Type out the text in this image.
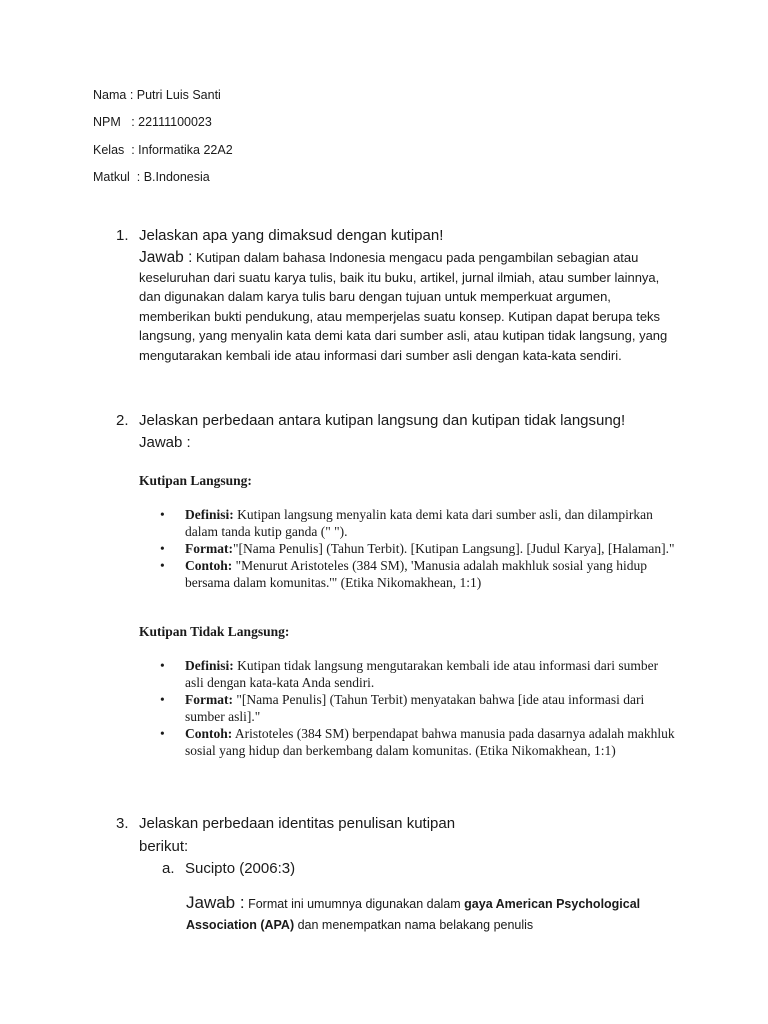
Nama : Putri Luis Santi
NPM   : 22111100023
Kelas  : Informatika 22A2
Matkul  : B.Indonesia
1. Jelaskan apa yang dimaksud dengan kutipan!
Jawab : Kutipan dalam bahasa Indonesia mengacu pada pengambilan sebagian atau keseluruhan dari suatu karya tulis, baik itu buku, artikel, jurnal ilmiah, atau sumber lainnya, dan digunakan dalam karya tulis baru dengan tujuan untuk memperkuat argumen, memberikan bukti pendukung, atau memperjelas suatu konsep. Kutipan dapat berupa teks langsung, yang menyalin kata demi kata dari sumber asli, atau kutipan tidak langsung, yang mengutarakan kembali ide atau informasi dari sumber asli dengan kata-kata sendiri.
2. Jelaskan perbedaan antara kutipan langsung dan kutipan tidak langsung!
Jawab :
Kutipan Langsung:
• Definisi: Kutipan langsung menyalin kata demi kata dari sumber asli, dan dilampirkan dalam tanda kutip ganda (" ").
• Format:"[Nama Penulis] (Tahun Terbit). [Kutipan Langsung]. [Judul Karya], [Halaman]."
• Contoh: "Menurut Aristoteles (384 SM), 'Manusia adalah makhluk sosial yang hidup bersama dalam komunitas.'" (Etika Nikomakhean, 1:1)
Kutipan Tidak Langsung:
• Definisi: Kutipan tidak langsung mengutarakan kembali ide atau informasi dari sumber asli dengan kata-kata Anda sendiri.
• Format: "[Nama Penulis] (Tahun Terbit) menyatakan bahwa [ide atau informasi dari sumber asli]."
• Contoh: Aristoteles (384 SM) berpendapat bahwa manusia pada dasarnya adalah makhluk sosial yang hidup dan berkembang dalam komunitas. (Etika Nikomakhean, 1:1)
3. Jelaskan perbedaan identitas penulisan kutipan
berikut:
a. Sucipto (2006:3)
Jawab : Format ini umumnya digunakan dalam gaya American Psychological Association (APA) dan menempatkan nama belakang penulis
